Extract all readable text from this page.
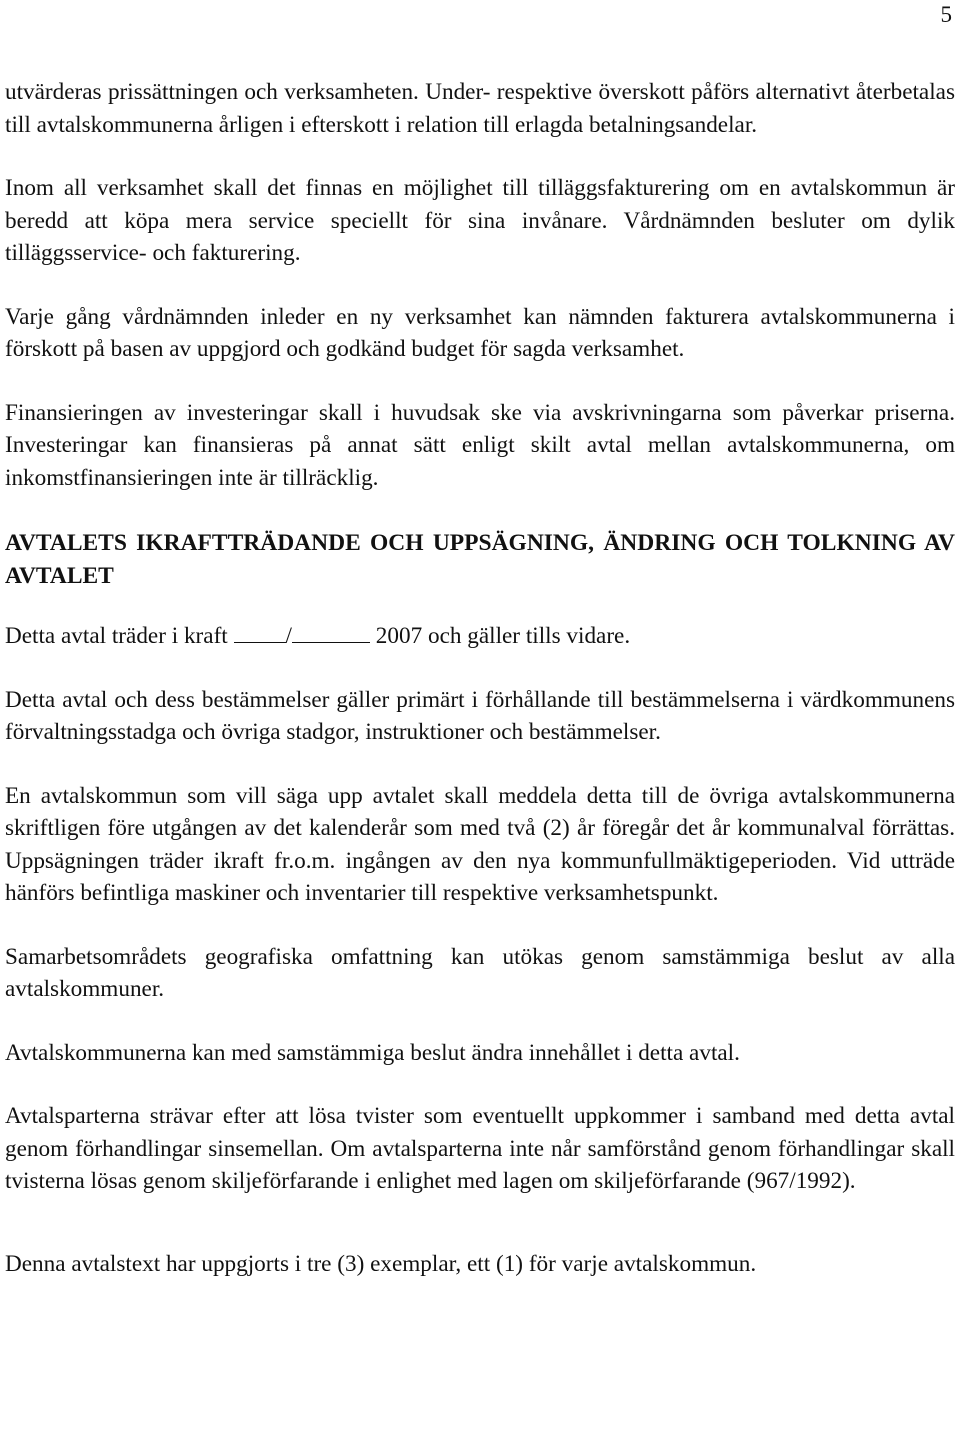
5

utvärderas prissättningen och verksamheten. Under- respektive överskott påförs alternativt återbetalas till avtalskommunerna årligen i efterskott i relation till erlagda betalningsandelar.

Inom all verksamhet skall det finnas en möjlighet till tilläggsfakturering om en avtalskommun är beredd att köpa mera service speciellt för sina invånare. Vårdnämnden besluter om dylik tilläggsservice- och fakturering.

Varje gång vårdnämnden inleder en ny verksamhet kan nämnden fakturera avtalskommunerna i förskott på basen av uppgjord och godkänd budget för sagda verksamhet.

Finansieringen av investeringar skall i huvudsak ske via avskrivningarna som påverkar priserna. Investeringar kan finansieras på annat sätt enligt skilt avtal mellan avtalskommunerna, om inkomstfinansieringen inte är tillräcklig.

AVTALETS IKRAFTTRÄDANDE OCH UPPSÄGNING, ÄNDRING OCH TOLKNING AV AVTALET

Detta avtal träder i kraft /	2007 och gäller tills vidare.

Detta avtal och dess bestämmelser gäller primärt i förhållande till bestämmelserna i värdkommunens förvaltningsstadga och övriga stadgor, instruktioner och bestämmelser.

En avtalskommun som vill säga upp avtalet skall meddela detta till de övriga avtalskommunerna skriftligen före utgången av det kalenderår som med två (2) år föregår det år kommunalval förrättas. Uppsägningen träder ikraft fr.o.m. ingången av den nya kommunfullmäktigeperioden. Vid utträde hänförs befintliga maskiner och inventarier till respektive verksamhetspunkt.

Samarbetsområdets geografiska omfattning kan utökas genom samstämmiga beslut av alla avtalskommuner.

Avtalskommunerna kan med samstämmiga beslut ändra innehållet i detta avtal.

Avtalsparterna strävar efter att lösa tvister som eventuellt uppkommer i samband med detta avtal genom förhandlingar sinsemellan. Om avtalsparterna inte når samförstånd genom förhandlingar skall tvisterna lösas genom skiljeförfarande i enlighet med lagen om skiljeförfarande (967/1992).

Denna avtalstext har uppgjorts i tre (3) exemplar, ett (1) för varje avtalskommun.
